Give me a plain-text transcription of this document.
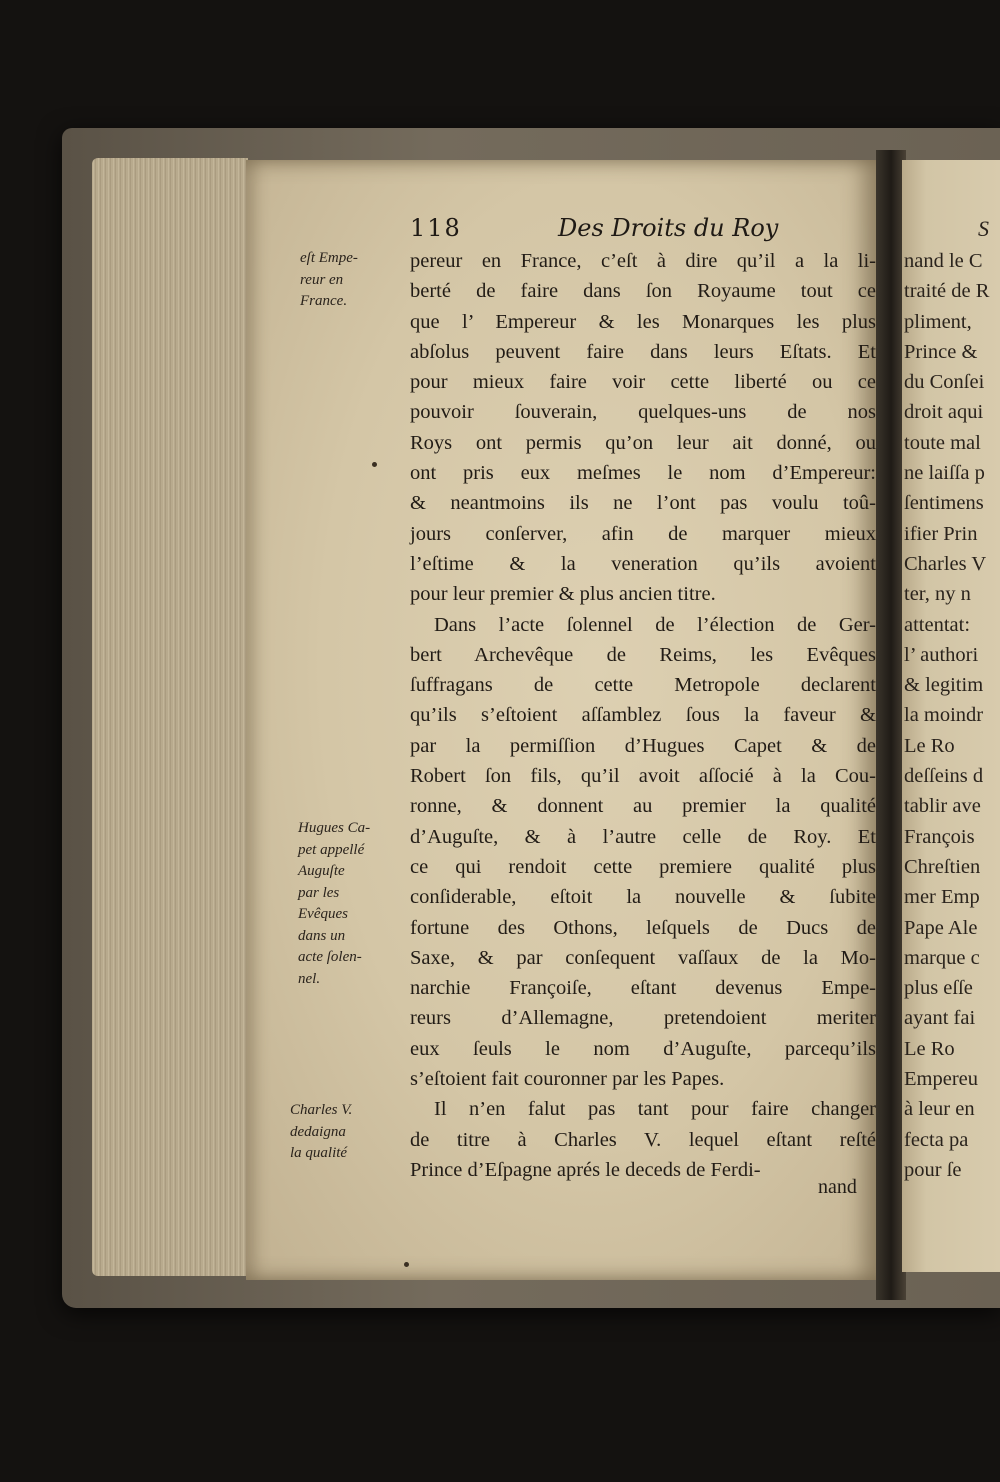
118	Des Droits du Roy
pereur en France, c’eſt à dire qu’il a la li-
berté de faire dans ſon Royaume tout ce
que l’ Empereur & les Monarques les plus
abſolus peuvent faire dans leurs Eſtats. Et
pour mieux faire voir cette liberté ou ce
pouvoir ſouverain, quelques-uns de nos
Roys ont permis qu’on leur ait donné, ou
ont pris eux meſmes le nom d’Empereur:
& neantmoins ils ne l’ont pas voulu toû-
jours conſerver, afin de marquer mieux
l’eſtime & la veneration qu’ils avoient
pour leur premier & plus ancien titre.
Dans l’acte ſolennel de l’élection de Ger-
bert Archevêque de Reims, les Evêques
ſuffragans de cette Metropole declarent
qu’ils s’eſtoient aſſamblez ſous la faveur &
par la permiſſion d’Hugues Capet & de
Robert ſon fils, qu’il avoit aſſocié à la Cou-
ronne, & donnent au premier la qualité
d’Auguſte, & à l’autre celle de Roy. Et
ce qui rendoit cette premiere qualité plus
conſiderable, eſtoit la nouvelle & ſubite
fortune des Othons, leſquels de Ducs de
Saxe, & par conſequent vaſſaux de la Mo-
narchie Françoiſe, eſtant devenus Empe-
reurs d’Allemagne, pretendoient meriter
eux ſeuls le nom d’Auguſte, parcequ’ils
s’eſtoient fait couronner par les Papes.
Il n’en falut pas tant pour faire changer
de titre à Charles V. lequel eſtant reſté
Prince d’Eſpagne aprés le deceds de Ferdi-
nand
eſt Empe-
reur en
France.
Hugues Ca-
pet appellé
Auguſte
par les
Evêques
dans un
acte ſolen-
nel.
Charles V.
dedaigna
la qualité
S
nand le C
traité de R
pliment,
Prince &
du Conſei
droit aqui
toute mal
ne laiſſa p
ſentimens
ifier Prin
Charles V
ter, ny n
attentat:
l’ authori
& legitim
la moindr
Le Ro
deſſeins d
tablir ave
François
Chreſtien
mer Emp
Pape Ale
marque c
plus eſſe
ayant fai
Le Ro
Empereu
à leur en
fecta pa
pour ſe
